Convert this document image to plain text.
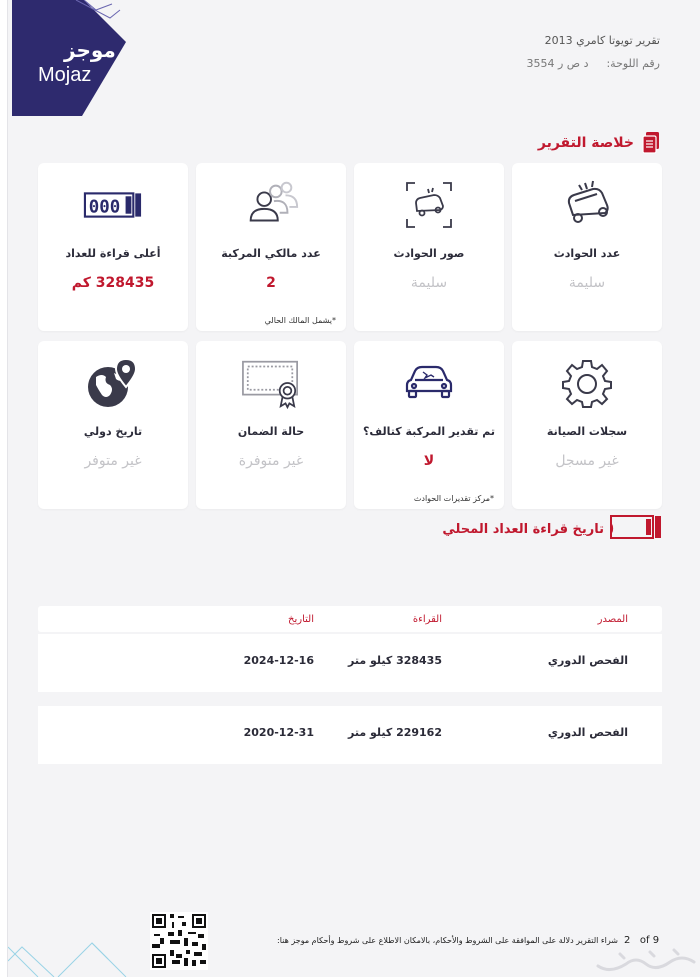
موجز
Mojaz
تقرير تويوتا كامري 2013
رقم اللوحة:
د ص ر 3554
خلاصة التقرير
عدد الحوادث
سليمة
صور الحوادث
سليمة
عدد مالكي المركبة
2
*يشمل المالك الحالي
000
أعلى قراءة للعداد
328435 كم
سجلات الصيانة
غير مسجل
تم تقدير المركبة كتالف؟
لا
*مركز تقديرات الحوادث
حالة الضمان
غير متوفرة
تاريخ دولي
غير متوفر
تاريخ قراءة العداد المحلي
المصدر
القراءة
التاريخ
الفحص الدوري
328435 كيلو متر
2024-12-16
الفحص الدوري
229162 كيلو متر
2020-12-31
شراء التقرير دلالة على الموافقة على الشروط والأحكام، بالامكان الاطلاع على شروط وأحكام موجز هنا: 2 of 9
